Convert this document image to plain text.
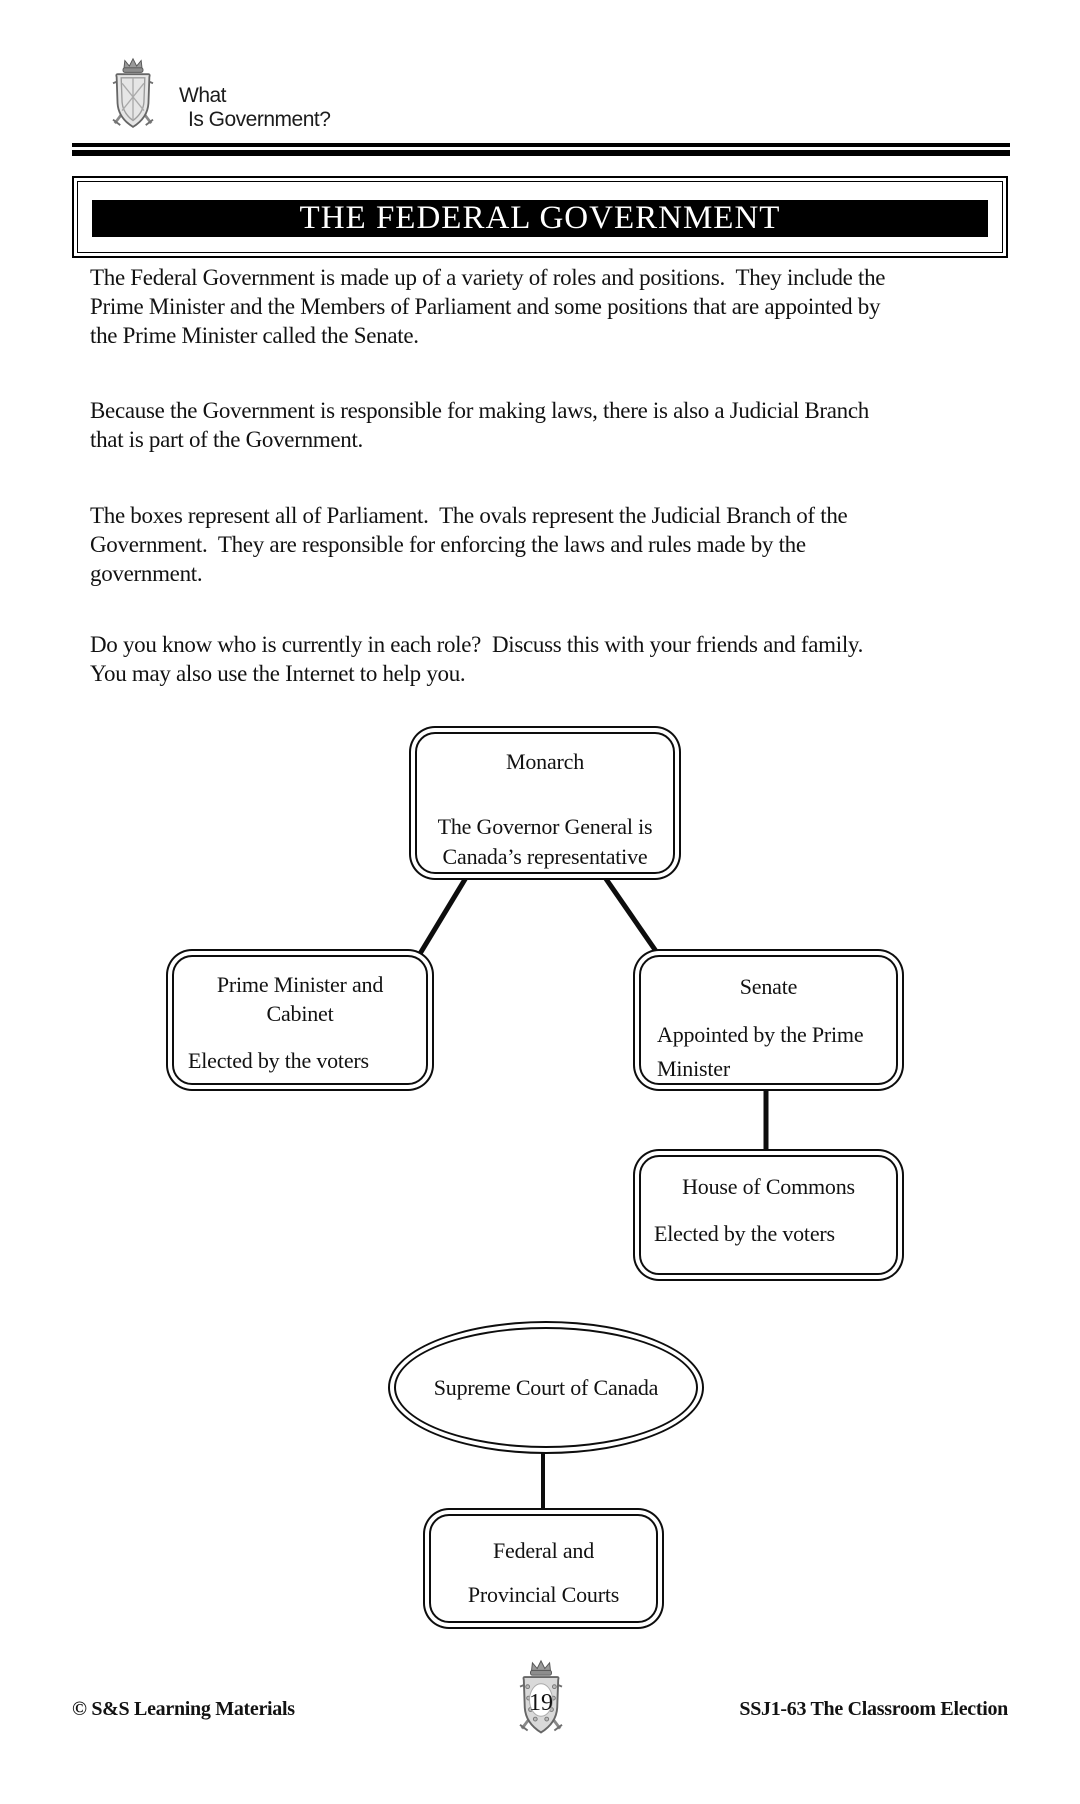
What
Is Government?
THE FEDERAL GOVERNMENT
The Federal Government is made up of a variety of roles and positions.  They include the
Prime Minister and the Members of Parliament and some positions that are appointed by
the Prime Minister called the Senate.
Because the Government is responsible for making laws, there is also a Judicial Branch
that is part of the Government.
The boxes represent all of Parliament.  The ovals represent the Judicial Branch of the
Government.  They are responsible for enforcing the laws and rules made by the
government.
Do you know who is currently in each role?  Discuss this with your friends and family.
You may also use the Internet to help you.
Monarch
The Governor General is
Canada’s representative
Prime Minister and
Cabinet
Elected by the voters
Senate
Appointed by the Prime
Minister
House of Commons
Elected by the voters
Supreme Court of Canada
Federal and
Provincial Courts
© S&S Learning Materials	SSJ1-63 The Classroom Election
19
